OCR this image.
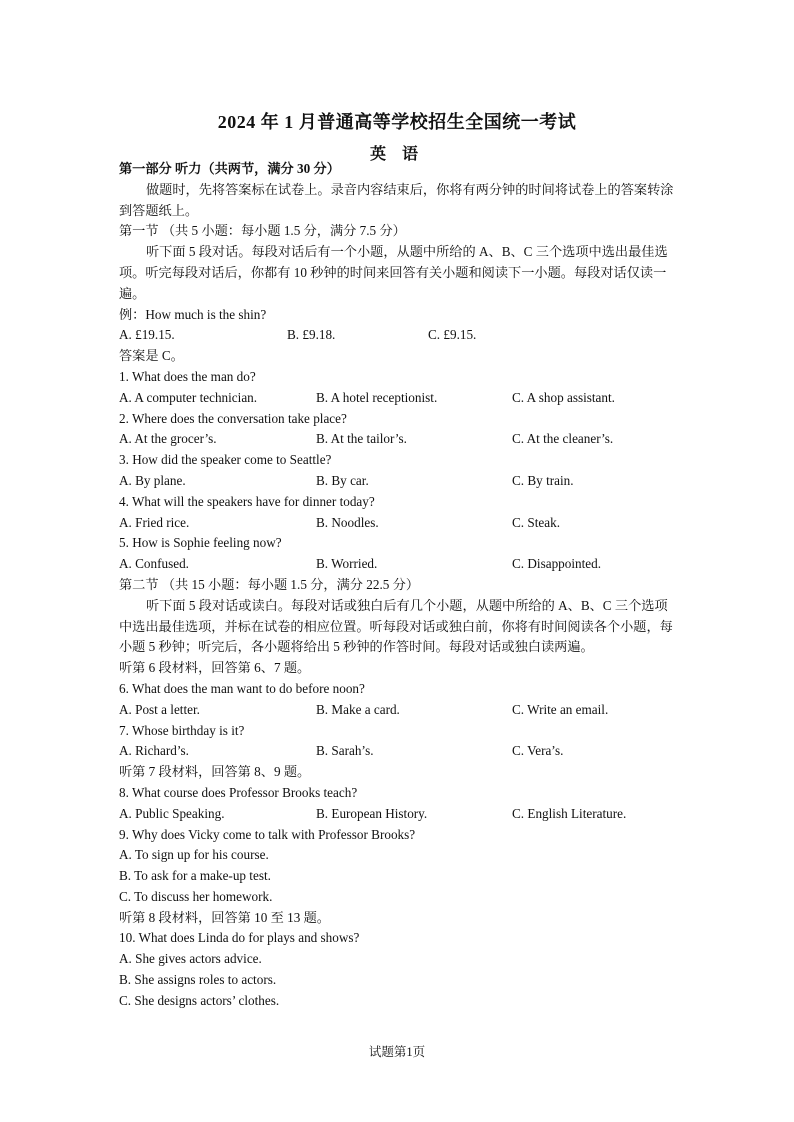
2024 年 1 月普通高等学校招生全国统一考试
英 语
第一部分 听力（共两节，满分 30 分）
做题时，先将答案标在试卷上。录音内容结束后，你将有两分钟的时间将试卷上的答案转涂到答题纸上。
第一节 （共 5 小题：每小题 1.5 分，满分 7.5 分）
听下面 5 段对话。每段对话后有一个小题，从题中所给的 A、B、C 三个选项中选出最佳选项。听完每段对话后，你都有 10 秒钟的时间来回答有关小题和阅读下一小题。每段对话仅读一遍。
例：How much is the shin?
A. £19.15.	B. £9.18.	C. £9.15.
答案是 C。
1. What does the man do?
A. A computer technician.	B. A hotel receptionist.	C. A shop assistant.
2. Where does the conversation take place?
A. At the grocer’s.	B. At the tailor’s.	C. At the cleaner’s.
3. How did the speaker come to Seattle?
A. By plane.	B. By car.	C. By train.
4. What will the speakers have for dinner today?
A. Fried rice.	B. Noodles.	C. Steak.
5. How is Sophie feeling now?
A. Confused.	B. Worried.	C. Disappointed.
第二节 （共 15 小题：每小题 1.5 分，满分 22.5 分）
听下面 5 段对话或读白。每段对话或独白后有几个小题，从题中所给的 A、B、C 三个选项中选出最佳选项，并标在试卷的相应位置。听每段对话或独白前，你将有时间阅读各个小题，每小题 5 秒钟；听完后，各小题将给出 5 秒钟的作答时间。每段对话或独白读两遍。
听第 6 段材料，回答第 6、7 题。
6. What does the man want to do before noon?
A. Post a letter.	B. Make a card.	C. Write an email.
7. Whose birthday is it?
A. Richard’s.	B. Sarah’s.	C. Vera’s.
听第 7 段材料，回答第 8、9 题。
8. What course does Professor Brooks teach?
A. Public Speaking.	B. European History.	C. English Literature.
9. Why does Vicky come to talk with Professor Brooks?
A. To sign up for his course.
B. To ask for a make-up test.
C. To discuss her homework.
听第 8 段材料，回答第 10 至 13 题。
10. What does Linda do for plays and shows?
A. She gives actors advice.
B. She assigns roles to actors.
C. She designs actors’ clothes.
试题第1页
